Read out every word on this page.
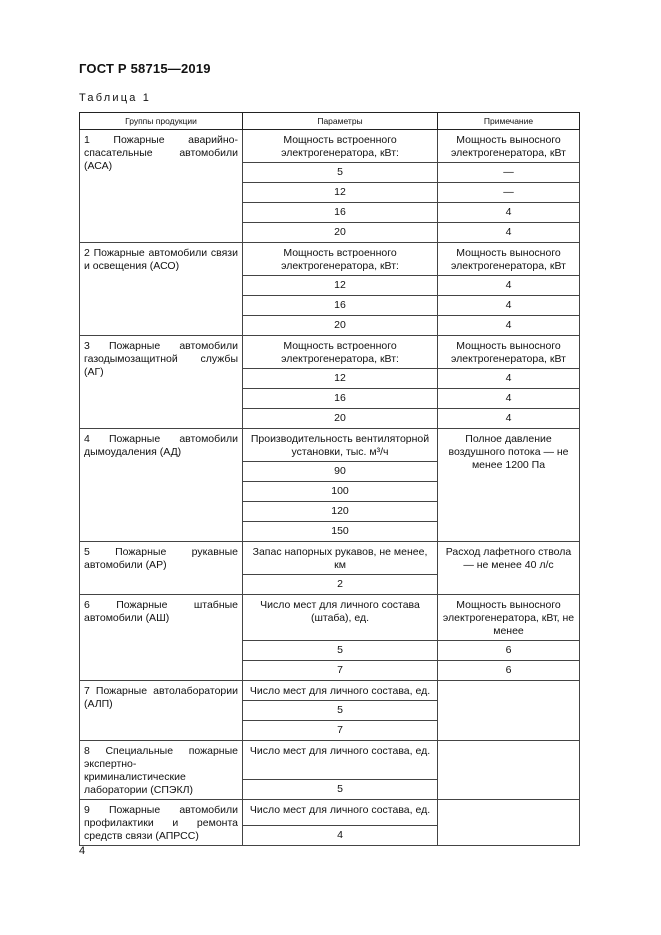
ГОСТ Р 58715—2019
Таблица 1
Группы продукции	Параметры	Примечание
1 Пожарные аварийно-спасательные автомобили (АСА)	Мощность встроенного электрогенератора, кВт:	Мощность выносного электрогенератора, кВт
	5	—
	12	—
	16	4
	20	4
2 Пожарные автомобили связи и освещения (АСО)	Мощность встроенного электрогенератора, кВт:	Мощность выносного электрогенератора, кВт
	12	4
	16	4
	20	4
3 Пожарные автомобили газодымозащитной службы (АГ)	Мощность встроенного электрогенератора, кВт:	Мощность выносного электрогенератора, кВт
	12	4
	16	4
	20	4
4 Пожарные автомобили дымоудаления (АД)	Производительность вентиляторной установки, тыс. м³/ч	Полное давление воздушного потока — не менее 1200 Па
	90	
	100	
	120	
	150	
5 Пожарные рукавные автомобили (АР)	Запас напорных рукавов, не менее, км	Расход лафетного ствола — не менее 40 л/с
	2	
6 Пожарные штабные автомобили (АШ)	Число мест для личного состава (штаба), ед.	Мощность выносного электрогенератора, кВт, не менее
	5	6
	7	6
7 Пожарные автолаборатории (АЛП)	Число мест для личного состава, ед.	
	5	
	7	
8 Специальные пожарные экспертно-криминалистические лаборатории (СПЭКЛ)	Число мест для личного состава, ед.	
	5	
9 Пожарные автомобили профилактики и ремонта средств связи (АПРСС)	Число мест для личного состава, ед.	
	4	
4
